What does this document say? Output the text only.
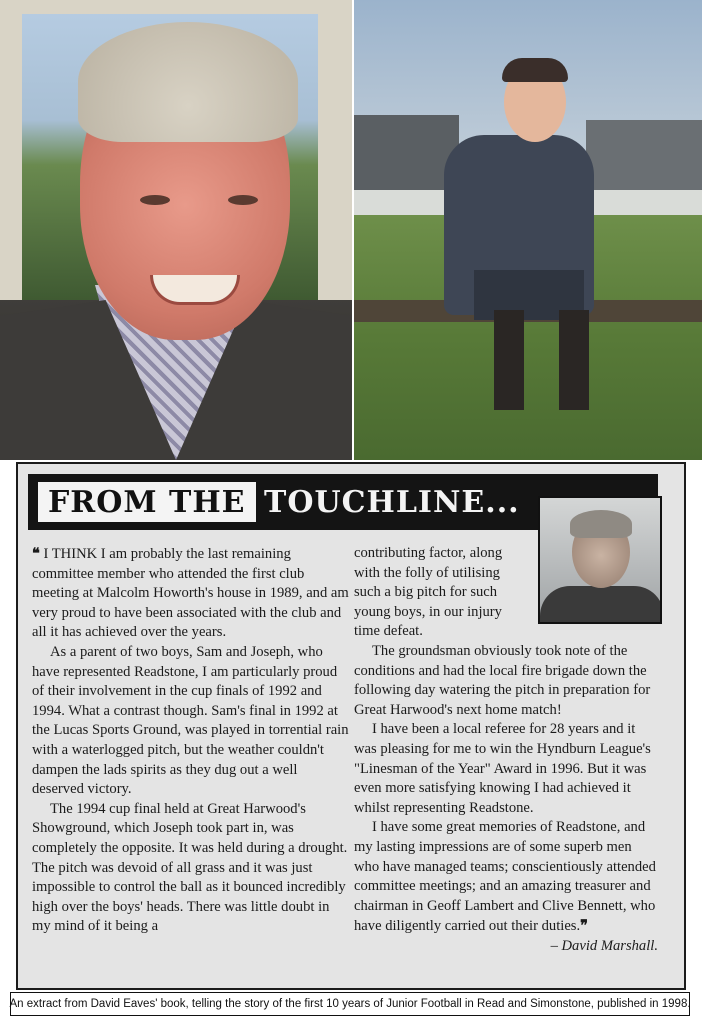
FROM THE TOUCHLINE...

❝ I THINK I am probably the last remaining committee member who attended the first club meeting at Malcolm Howorth's house in 1989, and am very proud to have been associated with the club and all it has achieved over the years.

As a parent of two boys, Sam and Joseph, who have represented Readstone, I am particularly proud of their involvement in the cup finals of 1992 and 1994. What a contrast though. Sam's final in 1992 at the Lucas Sports Ground, was played in torrential rain with a waterlogged pitch, but the weather couldn't dampen the lads spirits as they dug out a well deserved victory.

The 1994 cup final held at Great Harwood's Showground, which Joseph took part in, was completely the opposite. It was held during a drought. The pitch was devoid of all grass and it was just impossible to control the ball as it bounced incredibly high over the boys' heads. There was little doubt in my mind of it being a

contributing factor, along with the folly of utilising such a big pitch for such young boys, in our injury time defeat.

The groundsman obviously took note of the conditions and had the local fire brigade down the following day watering the pitch in preparation for Great Harwood's next home match!

I have been a local referee for 28 years and it was pleasing for me to win the Hyndburn League's "Linesman of the Year" Award in 1996. But it was even more satisfying knowing I had achieved it whilst representing Readstone.

I have some great memories of Readstone, and my lasting impressions are of some superb men who have managed teams; conscientiously attended committee meetings; and an amazing treasurer and chairman in Geoff Lambert and Clive Bennett, who have diligently carried out their duties.❞

– David Marshall.
An extract from David Eaves' book, telling the story of the first 10 years of Junior Football in Read and Simonstone, published in 1998.
